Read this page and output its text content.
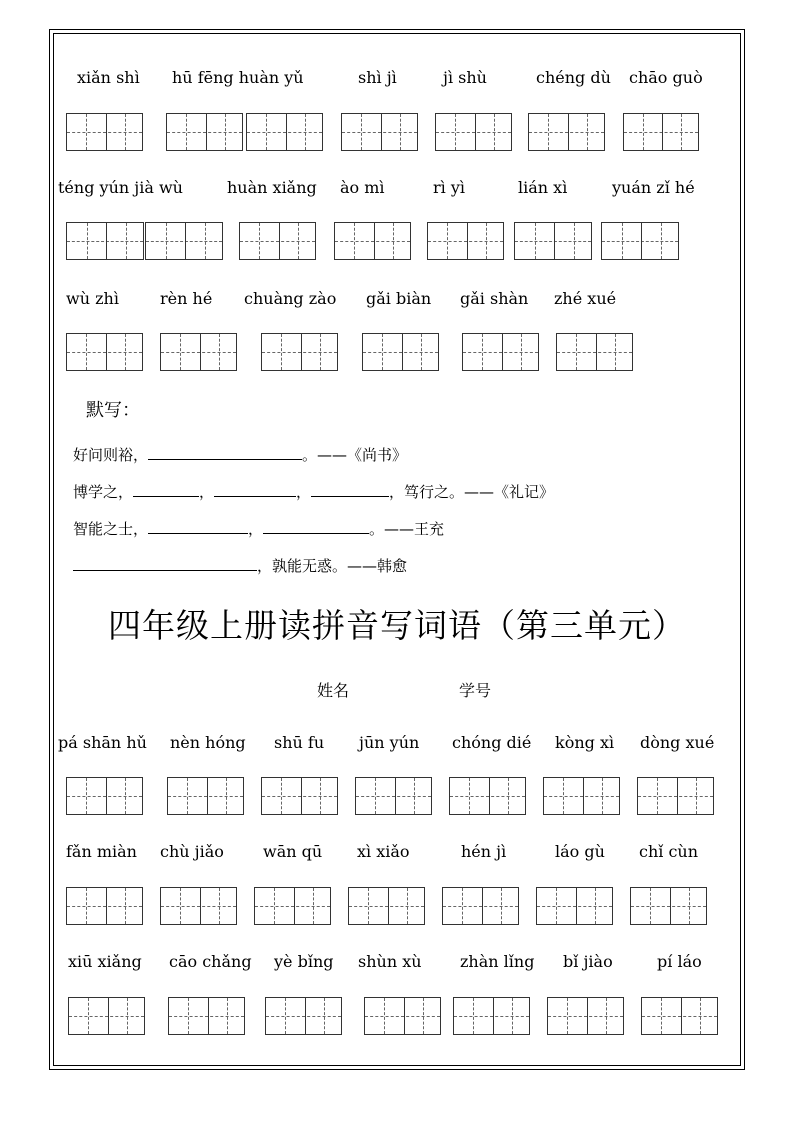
xiǎn shì hū fēng huàn yǔ	shì jì	jì shù	chéng dù chāo guò
téng yún jià wù	huàn xiǎng ào mì	rì yì	lián xì	yuán zǐ hé
wù zhì	rèn hé chuàng zào gǎi biàn gǎi shàn zhé xué
pá shān hǔ nèn hóng shū fu jūn yún chóng dié kòng xì dòng xué
fǎn miàn chù jiǎo wān qū xì xiǎo	hén jì	láo gù chǐ cùn
xiū xiǎng cāo chǎng yè bǐng shùn xù zhàn lǐng bǐ jiào	pí láo
默写：
好问则裕，	。——《尚书》
博学之，	，	，	，笃行之。——《礼记》
智能之士，	，	。——王充
，孰能无惑。——韩愈
四年级上册读拼音写词语（第三单元）
姓名	学号
